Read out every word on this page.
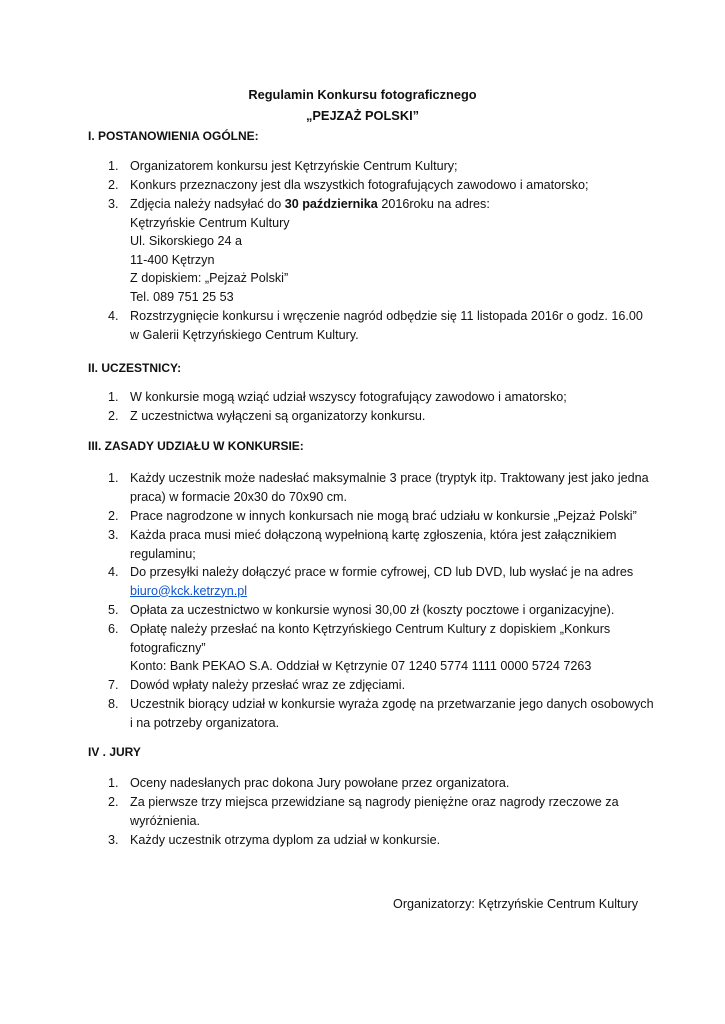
Regulamin Konkursu fotograficznego
„PEJZAŻ POLSKI”
I. POSTANOWIENIA OGÓLNE:
1. Organizatorem konkursu jest Kętrzyńskie Centrum Kultury;
2. Konkurs przeznaczony jest dla wszystkich fotografujących zawodowo i amatorsko;
3. Zdjęcia należy nadsyłać do 30 października 2016roku na adres:
Kętrzyńskie Centrum Kultury
Ul. Sikorskiego 24 a
11-400 Kętrzyn
Z dopiskiem: „Pejzaż Polski”
Tel. 089 751 25 53
4. Rozstrzygnięcie konkursu i wręczenie nagród odbędzie się 11 listopada 2016r o godz. 16.00
w Galerii Kętrzyńskiego Centrum Kultury.
II. UCZESTNICY:
1. W konkursie mogą wziąć udział wszyscy fotografujący zawodowo i amatorsko;
2. Z uczestnictwa wyłączeni są organizatorzy konkursu.
III. ZASADY UDZIAŁU W KONKURSIE:
1. Każdy uczestnik może nadesłać maksymalnie 3 prace (tryptyk itp. Traktowany jest jako jedna
praca) w formacie 20x30 do 70x90 cm.
2. Prace nagrodzone w innych konkursach nie mogą brać udziału w konkursie „Pejzaż Polski”
3. Każda praca musi mieć dołączoną wypełnioną kartę zgłoszenia, która jest załącznikiem
regulaminu;
4. Do przesyłki należy dołączyć prace w formie cyfrowej, CD lub DVD, lub wysłać je na adres
biuro@kck.ketrzyn.pl
5. Opłata za uczestnictwo w konkursie wynosi 30,00 zł (koszty pocztowe i organizacyjne).
6. Opłatę należy przesłać na konto Kętrzyńskiego Centrum Kultury z dopiskiem „Konkurs
fotograficzny”
Konto: Bank PEKAO S.A. Oddział w Kętrzynie 07 1240 5774 1111 0000 5724 7263
7. Dowód wpłaty należy przesłać wraz ze zdjęciami.
8. Uczestnik biorący udział w konkursie wyraża zgodę na przetwarzanie jego danych osobowych
i na potrzeby organizatora.
IV . JURY
1. Oceny nadesłanych prac dokona Jury powołane przez organizatora.
2. Za pierwsze trzy miejsca przewidziane są nagrody pieniężne oraz nagrody rzeczowe za
wyróżnienia.
3. Każdy uczestnik otrzyma dyplom za udział w konkursie.
Organizatorzy: Kętrzyńskie Centrum Kultury
